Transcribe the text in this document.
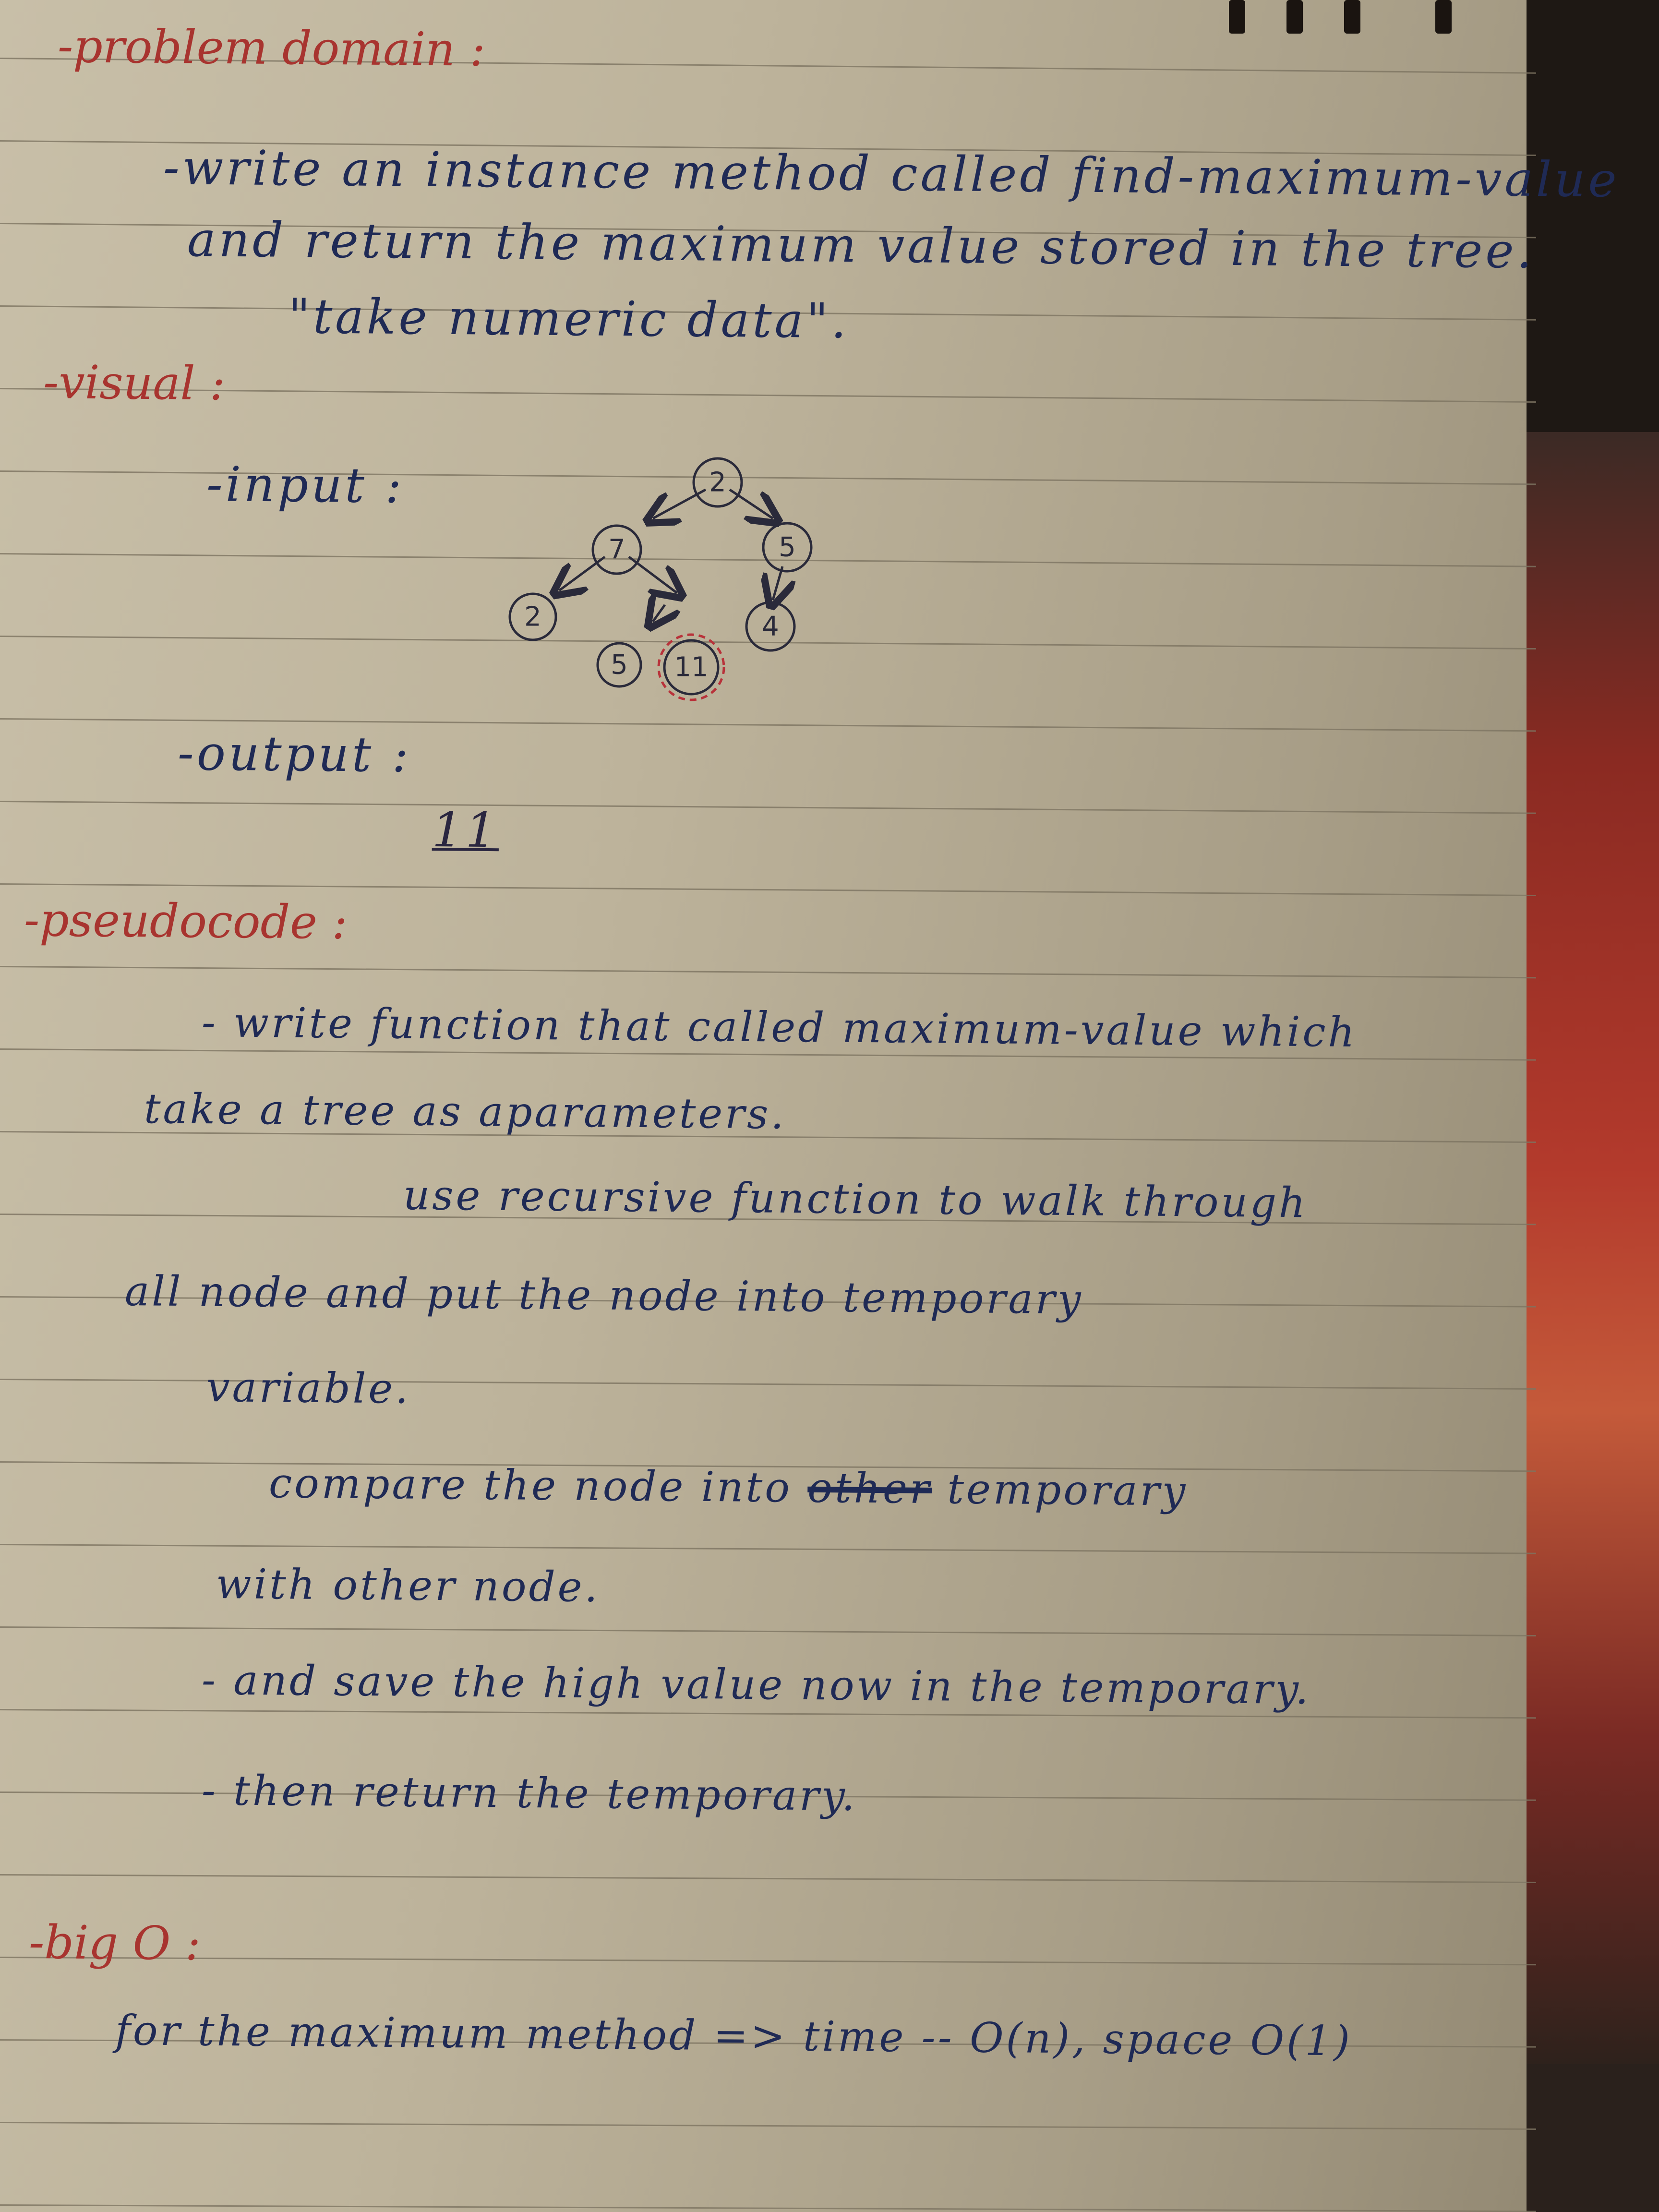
-problem domain :
-write an instance method called find-maximum-value
and return the maximum value stored in the tree.
"take numeric data".
-visual :
-input :	2
7	5
2	4
5 11
-output :
11
-pseudocode :
- write function that called maximum-value which
take a tree as aparameters.
use recursive function to walk through
all node and put the node into temporary
variable.
compare the node into other temporary
with other node.
- and save the high value now in the temporary.
- then return the temporary.
-big O :
for the maximum method => time -- O(n), space O(1)
